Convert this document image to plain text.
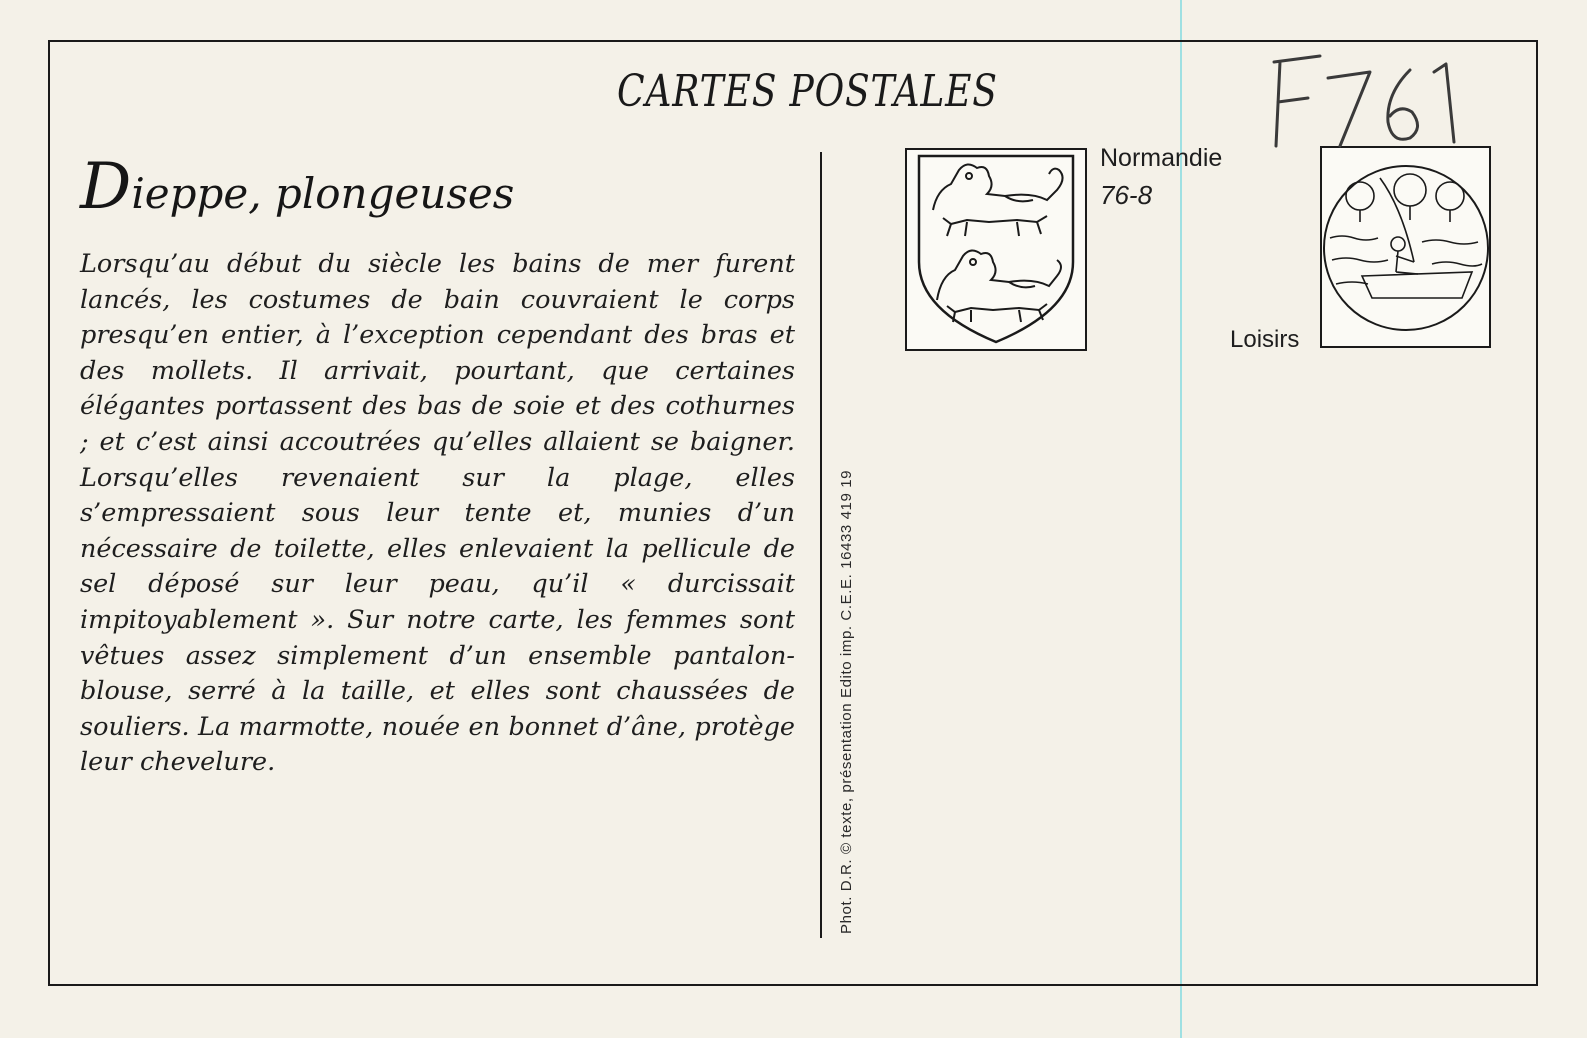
CARTES POSTALES
Dieppe, plongeuses

Lorsqu’au début du siècle les bains de mer furent lancés, les costumes de bain couvraient le corps presqu’en entier, à l’exception cependant des bras et des mollets. Il arrivait, pourtant, que certaines élégantes portassent des bas de soie et des cothurnes ; et c’est ainsi accoutrées qu’elles allaient se baigner. Lorsqu’elles revenaient sur la plage, elles s’empressaient sous leur tente et, munies d’un nécessaire de toilette, elles enlevaient la pellicule de sel déposé sur leur peau, qu’il « durcissait impitoyablement ». Sur notre carte, les femmes sont vêtues assez simplement d’un ensemble pantalon-blouse, serré à la taille, et elles sont chaussées de souliers. La marmotte, nouée en bonnet d’âne, protège leur chevelure.	Phot. D.R. © texte, présentation Edito imp. C.E.E. 16433 419 19
Normandie
76-8
Loisirs
